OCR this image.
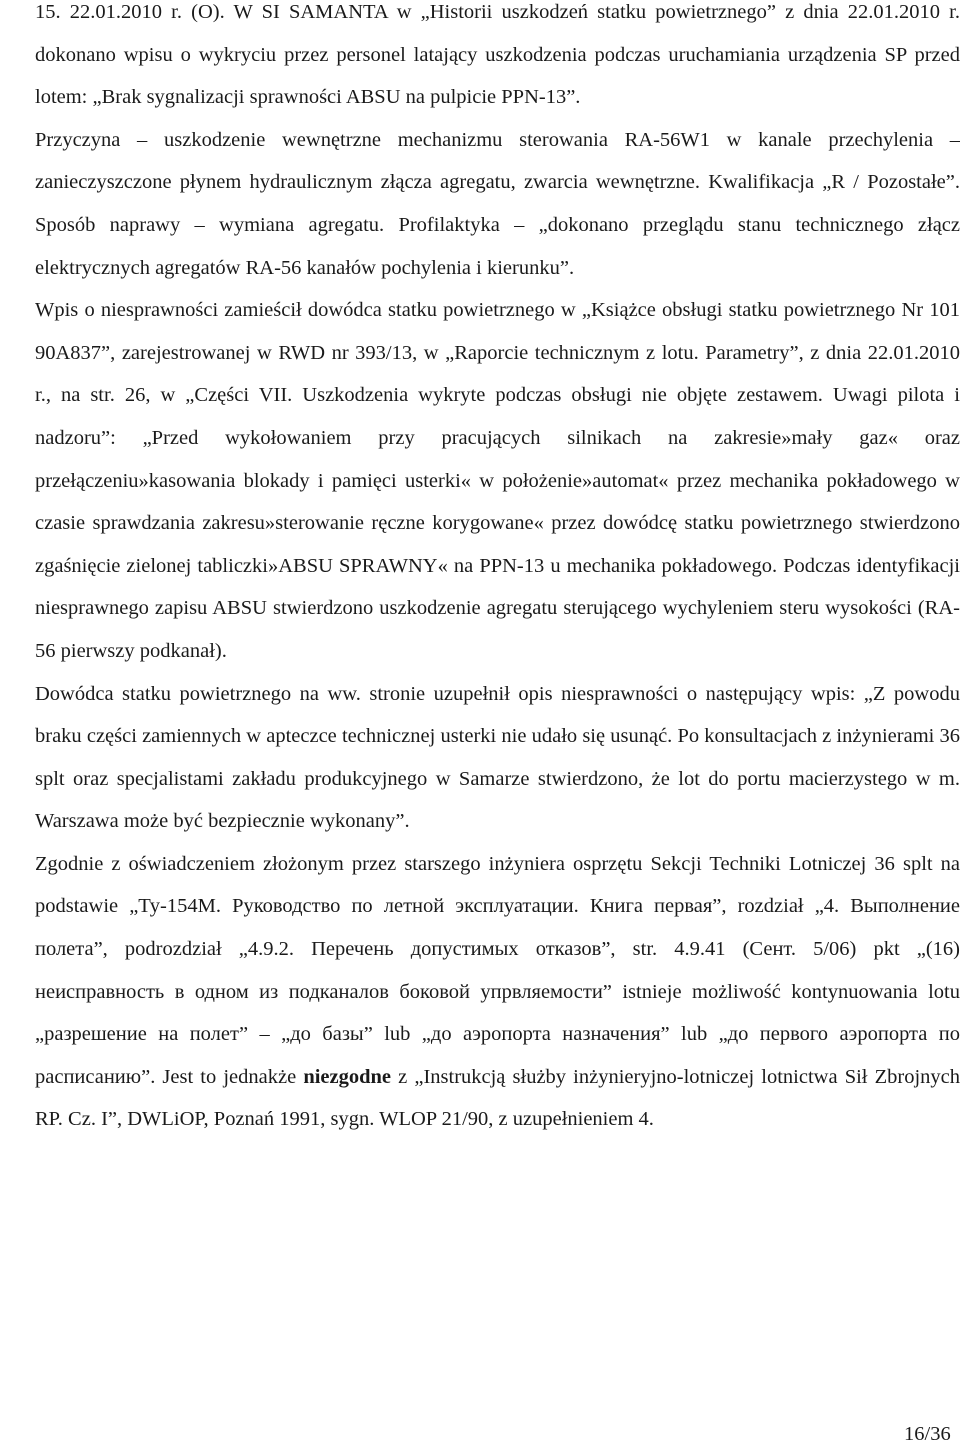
15. 22.01.2010 r. (O). W SI SAMANTA w „Historii uszkodzeń statku powietrznego” z dnia 22.01.2010 r. dokonano wpisu o wykryciu przez personel latający uszkodzenia podczas uruchamiania urządzenia SP przed lotem: „Brak sygnalizacji sprawności ABSU na pulpicie PPN-13”.

Przyczyna – uszkodzenie wewnętrzne mechanizmu sterowania RA-56W1 w kanale przechylenia – zanieczyszczone płynem hydraulicznym złącza agregatu, zwarcia wewnętrzne. Kwalifikacja „R / Pozostałe”. Sposób naprawy – wymiana agregatu. Profilaktyka – „dokonano przeglądu stanu technicznego złącz elektrycznych agregatów RA-56 kanałów pochylenia i kierunku”.

Wpis o niesprawności zamieścił dowódca statku powietrznego w „Książce obsługi statku powietrznego Nr 101 90A837”, zarejestrowanej w RWD nr 393/13, w „Raporcie technicznym z lotu. Parametry”, z dnia 22.01.2010 r., na str. 26, w „Części VII. Uszkodzenia wykryte podczas obsługi nie objęte zestawem. Uwagi pilota i nadzoru”: „Przed wykołowaniem przy pracujących silnikach na zakresie»mały gaz« oraz przełączeniu»kasowania blokady i pamięci usterki« w położenie»automat« przez mechanika pokładowego w czasie sprawdzania zakresu»sterowanie ręczne korygowane« przez dowódcę statku powietrznego stwierdzono zgaśnięcie zielonej tabliczki»ABSU SPRAWNY« na PPN-13 u mechanika pokładowego. Podczas identyfikacji niesprawnego zapisu ABSU stwierdzono uszkodzenie agregatu sterującego wychyleniem steru wysokości (RA-56 pierwszy podkanał).

Dowódca statku powietrznego na ww. stronie uzupełnił opis niesprawności o następujący wpis: „Z powodu braku części zamiennych w apteczce technicznej usterki nie udało się usunąć. Po konsultacjach z inżynierami 36 splt oraz specjalistami zakładu produkcyjnego w Samarze stwierdzono, że lot do portu macierzystego w m. Warszawa może być bezpiecznie wykonany”.

Zgodnie z oświadczeniem złożonym przez starszego inżyniera osprzętu Sekcji Techniki Lotniczej 36 splt na podstawie „Ту-154М. Руководство по летной эксплуатации. Книга первая”, rozdział „4. Выполнение полета”, podrozdział „4.9.2. Перечень допустимых отказов”, str. 4.9.41 (Сент. 5/06) pkt „(16) неисправность в одном из подканалов боковой упрвляемости” istnieje możliwość kontynuowania lotu „разрешение на полет” – „до базы” lub „до аэропорта назначения” lub „до первого аэропорта по расписанию”. Jest to jednakże niezgodne z „Instrukcją służby inżynieryjno-lotniczej lotnictwa Sił Zbrojnych RP. Cz. I”, DWLiOP, Poznań 1991, sygn. WLOP 21/90, z uzupełnieniem 4.

16/36
